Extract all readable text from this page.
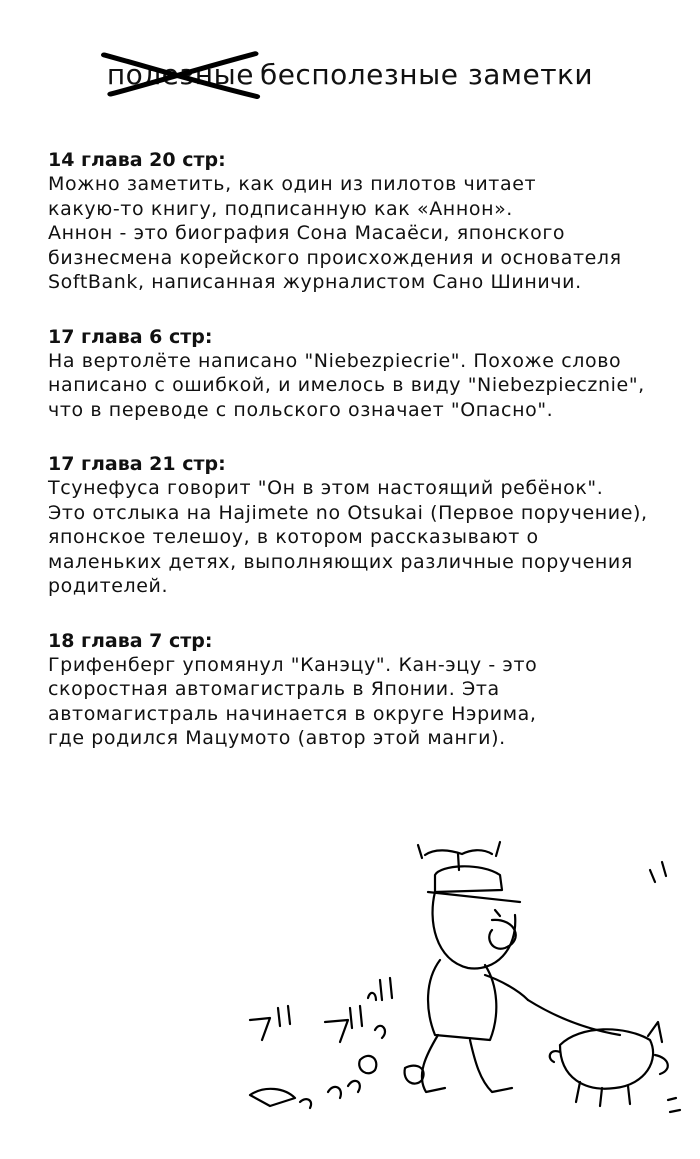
полезные бесполезные заметки
14 глава 20 стр:
Можно заметить, как один из пилотов читает
какую-то книгу, подписанную как «Аннон».
Аннон - это биография Сона Масаёси, японского
бизнесмена корейского происхождения и основателя
SoftBank, написанная журналистом Сано Шиничи.
17 глава 6 стр:
На вертолёте написано "Niebezpiecrie". Похоже слово
написано с ошибкой, и имелось в виду "Niebezpiecznie",
что в переводе с польского означает "Опасно".
17 глава 21 стр:
Тсунефуса говорит "Он в этом настоящий ребёнок".
Это отслыка на Hajimete no Otsukai (Первое поручение),
японское телешоу, в котором рассказывают о
маленьких детях, выполняющих различные поручения
родителей.
18 глава 7 стр:
Грифенберг упомянул "Канэцу". Кан-эцу - это
скоростная автомагистраль в Японии. Эта
автомагистраль начинается в округе Нэрима,
где родился Мацумото (автор этой манги).
